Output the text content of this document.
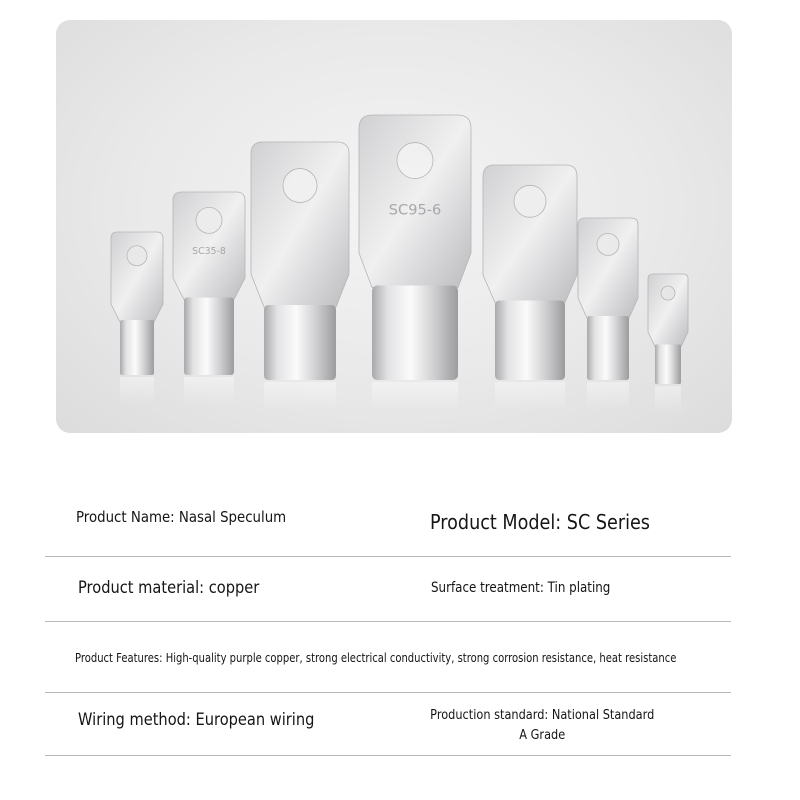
SC35-8
SC95-6
Product Name: Nasal Speculum	Product Model: SC Series
Product material: copper	Surface treatment: Tin plating
Product Features: High-quality purple copper, strong electrical conductivity, strong corrosion resistance, heat resistance
Wiring method: European wiring	Production standard: National Standard A Grade
